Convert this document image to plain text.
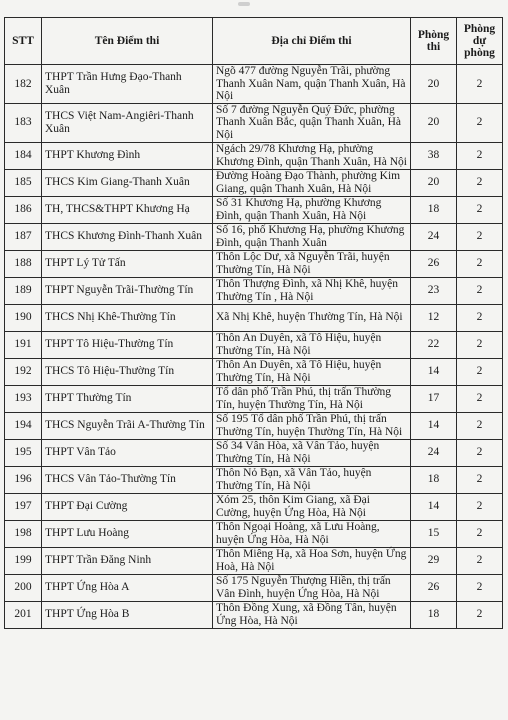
STT	Tên Điểm thi	Địa chỉ Điểm thi	Phòng thi	Phòng dự phòng
182	THPT Trần Hưng Đạo-Thanh Xuân	Ngõ 477 đường Nguyễn Trãi, phường Thanh Xuân Nam, quận Thanh Xuân, Hà Nội	20	2
183	THCS Việt Nam-Angiêri-Thanh Xuân	Số 7 đường Nguyễn Quý Đức, phường Thanh Xuân Bắc, quận Thanh Xuân, Hà Nội	20	2
184	THPT Khương Đình	Ngách 29/78 Khương Hạ, phường Khương Đình, quận Thanh Xuân, Hà Nội	38	2
185	THCS Kim Giang-Thanh Xuân	Đường Hoàng Đạo Thành, phường Kim Giang, quận Thanh Xuân, Hà Nội	20	2
186	TH, THCS&THPT Khương Hạ	Số 31 Khương Hạ, phường Khương Đình, quận Thanh Xuân, Hà Nội	18	2
187	THCS Khương Đình-Thanh Xuân	Số 16, phố Khương Hạ, phường Khương Đình, quận Thanh Xuân	24	2
188	THPT Lý Tử Tấn	Thôn Lộc Dư, xã Nguyễn Trãi, huyện Thường Tín, Hà Nội	26	2
189	THPT Nguyễn Trãi-Thường Tín	Thôn Thượng Đình, xã Nhị Khê, huyện Thường Tín , Hà Nội	23	2
190	THCS Nhị Khê-Thường Tín	Xã Nhị Khê, huyện Thường Tín, Hà Nội	12	2
191	THPT Tô Hiệu-Thường Tín	Thôn An Duyên, xã Tô Hiệu, huyện Thường Tín, Hà Nội	22	2
192	THCS Tô Hiệu-Thường Tín	Thôn An Duyên, xã Tô Hiệu, huyện Thường Tín, Hà Nội	14	2
193	THPT Thường Tín	Tổ dân phố Trần Phú, thị trấn Thường Tín, huyện Thường Tín, Hà Nội	17	2
194	THCS Nguyễn Trãi A-Thường Tín	Số 195 Tổ dân phố Trần Phú, thị trấn Thường Tín, huyện Thường Tín, Hà Nội	14	2
195	THPT Vân Tảo	Số 34 Vân Hòa, xã Vân Tảo, huyện Thường Tín, Hà Nội	24	2
196	THCS Vân Tảo-Thường Tín	Thôn Nỏ Bạn, xã Vân Tảo, huyện Thường Tín, Hà Nội	18	2
197	THPT Đại Cường	Xóm 25, thôn Kim Giang, xã Đại Cường, huyện Ứng Hòa, Hà Nội	14	2
198	THPT Lưu Hoàng	Thôn Ngoại Hoàng, xã Lưu Hoàng, huyện Ứng Hòa, Hà Nội	15	2
199	THPT Trần Đăng Ninh	Thôn Miêng Hạ, xã Hoa Sơn, huyện Ứng Hoà, Hà Nội	29	2
200	THPT Ứng Hòa A	Số 175 Nguyễn Thượng Hiền, thị trấn Vân Đình, huyện Ứng Hòa, Hà Nội	26	2
201	THPT Ứng Hòa B	Thôn Đồng Xung, xã Đồng Tân, huyện Ứng Hòa, Hà Nội	18	2
